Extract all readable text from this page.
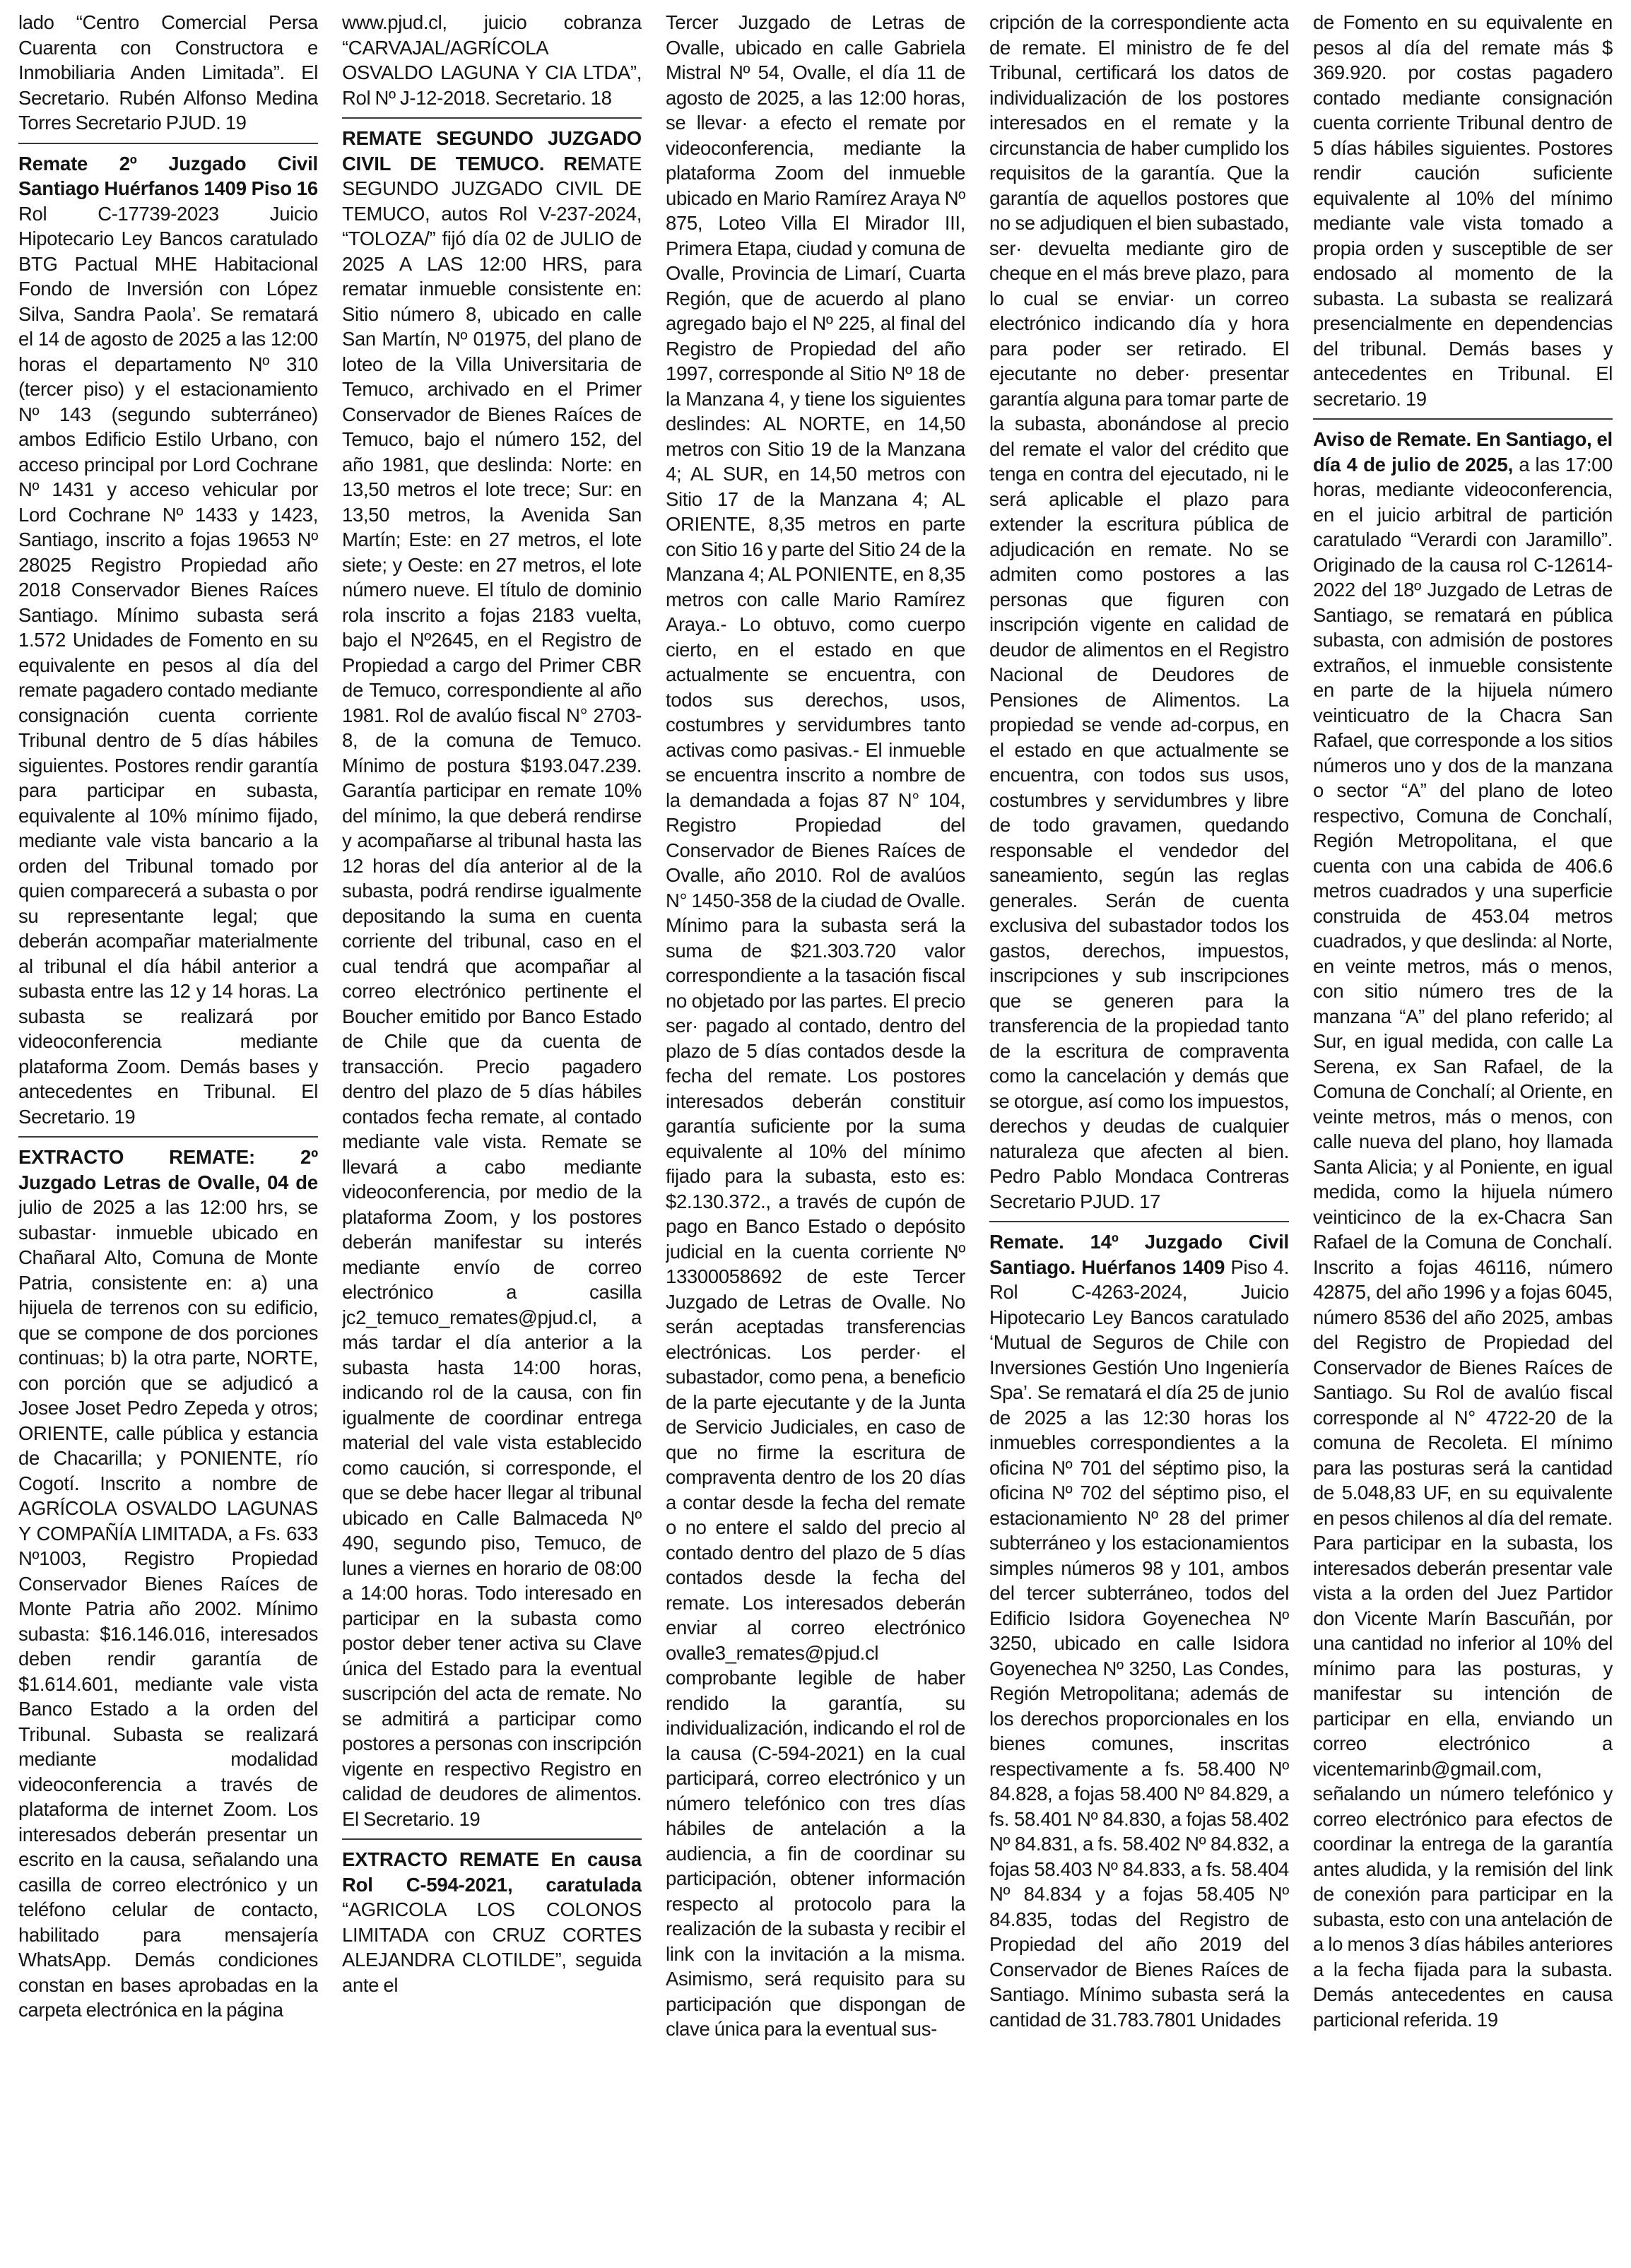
lado “Centro Comercial Persa Cuarenta con Constructora e Inmobiliaria Anden Limitada”. El Secretario. Rubén Alfonso Medina Torres Secretario PJUD. 19

Remate 2º Juzgado Civil Santiago Huérfanos 1409 Piso 16 Rol C-17739-2023 Juicio Hipotecario Ley Bancos caratulado BTG Pactual MHE Habitacional Fondo de Inversión con López Silva, Sandra Paola’. Se rematará el 14 de agosto de 2025 a las 12:00 horas el departamento Nº 310 (tercer piso) y el estacionamiento Nº 143 (segundo subterráneo) ambos Edificio Estilo Urbano, con acceso principal por Lord Cochrane Nº 1431 y acceso vehicular por Lord Cochrane Nº 1433 y 1423, Santiago, inscrito a fojas 19653 Nº 28025 Registro Propiedad año 2018 Conservador Bienes Raíces Santiago. Mínimo subasta será 1.572 Unidades de Fomento en su equivalente en pesos al día del remate pagadero contado mediante consignación cuenta corriente Tribunal dentro de 5 días hábiles siguientes. Postores rendir garantía para participar en subasta, equivalente al 10% mínimo fijado, mediante vale vista bancario a la orden del Tribunal tomado por quien comparecerá a subasta o por su representante legal; que deberán acompañar materialmente al tribunal el día hábil anterior a subasta entre las 12 y 14 horas. La subasta se realizará por videoconferencia mediante plataforma Zoom. Demás bases y antecedentes en Tribunal. El Secretario. 19

EXTRACTO REMATE: 2º Juzgado Letras de Ovalle, 04 de julio de 2025 a las 12:00 hrs, se subastar· inmueble ubicado en Chañaral Alto, Comuna de Monte Patria, consistente en: a) una hijuela de terrenos con su edificio, que se compone de dos porciones continuas; b) la otra parte, NORTE, con porción que se adjudicó a Josee Joset Pedro Zepeda y otros; ORIENTE, calle pública y estancia de Chacarilla; y PONIENTE, río Cogotí. Inscrito a nombre de AGRÍCOLA OSVALDO LAGUNAS Y COMPAÑÍA LIMITADA, a Fs. 633 Nº1003, Registro Propiedad Conservador Bienes Raíces de Monte Patria año 2002. Mínimo subasta: $16.146.016, interesados deben rendir garantía de $1.614.601, mediante vale vista Banco Estado a la orden del Tribunal. Subasta se realizará mediante modalidad videoconferencia a través de plataforma de internet Zoom. Los interesados deberán presentar un escrito en la causa, señalando una casilla de correo electrónico y un teléfono celular de contacto, habilitado para mensajería WhatsApp. Demás condiciones constan en bases aprobadas en la carpeta electrónica en la página

www.pjud.cl, juicio cobranza “CARVAJAL/AGRÍCOLA OSVALDO LAGUNA Y CIA LTDA”, Rol Nº J-12-2018. Secretario. 18

REMATE SEGUNDO JUZGADO CIVIL DE TEMUCO. REMATE SEGUNDO JUZGADO CIVIL DE TEMUCO, autos Rol V-237-2024, “TOLOZA/” fijó día 02 de JULIO de 2025 A LAS 12:00 HRS, para rematar inmueble consistente en: Sitio número 8, ubicado en calle San Martín, Nº 01975, del plano de loteo de la Villa Universitaria de Temuco, archivado en el Primer Conservador de Bienes Raíces de Temuco, bajo el número 152, del año 1981, que deslinda: Norte: en 13,50 metros el lote trece; Sur: en 13,50 metros, la Avenida San Martín; Este: en 27 metros, el lote siete; y Oeste: en 27 metros, el lote número nueve. El título de dominio rola inscrito a fojas 2183 vuelta, bajo el Nº2645, en el Registro de Propiedad a cargo del Primer CBR de Temuco, correspondiente al año 1981. Rol de avalúo fiscal N° 2703-8, de la comuna de Temuco. Mínimo de postura $193.047.239. Garantía participar en remate 10% del mínimo, la que deberá rendirse y acompañarse al tribunal hasta las 12 horas del día anterior al de la subasta, podrá rendirse igualmente depositando la suma en cuenta corriente del tribunal, caso en el cual tendrá que acompañar al correo electrónico pertinente el Boucher emitido por Banco Estado de Chile que da cuenta de transacción. Precio pagadero dentro del plazo de 5 días hábiles contados fecha remate, al contado mediante vale vista. Remate se llevará a cabo mediante videoconferencia, por medio de la plataforma Zoom, y los postores deberán manifestar su interés mediante envío de correo electrónico a casilla jc2_temuco_remates@pjud.cl, a más tardar el día anterior a la subasta hasta 14:00 horas, indicando rol de la causa, con fin igualmente de coordinar entrega material del vale vista establecido como caución, si corresponde, el que se debe hacer llegar al tribunal ubicado en Calle Balmaceda Nº 490, segundo piso, Temuco, de lunes a viernes en horario de 08:00 a 14:00 horas. Todo interesado en participar en la subasta como postor deber tener activa su Clave única del Estado para la eventual suscripción del acta de remate. No se admitirá a participar como postores a personas con inscripción vigente en respectivo Registro en calidad de deudores de alimentos. El Secretario. 19

EXTRACTO REMATE En causa Rol C-594-2021, caratulada “AGRICOLA LOS COLONOS LIMITADA con CRUZ CORTES ALEJANDRA CLOTILDE”, seguida ante el

Tercer Juzgado de Letras de Ovalle, ubicado en calle Gabriela Mistral Nº 54, Ovalle, el día 11 de agosto de 2025, a las 12:00 horas, se llevar· a efecto el remate por videoconferencia, mediante la plataforma Zoom del inmueble ubicado en Mario Ramírez Araya Nº 875, Loteo Villa El Mirador III, Primera Etapa, ciudad y comuna de Ovalle, Provincia de Limarí, Cuarta Región, que de acuerdo al plano agregado bajo el Nº 225, al final del Registro de Propiedad del año 1997, corresponde al Sitio Nº 18 de la Manzana 4, y tiene los siguientes deslindes: AL NORTE, en 14,50 metros con Sitio 19 de la Manzana 4; AL SUR, en 14,50 metros con Sitio 17 de la Manzana 4; AL ORIENTE, 8,35 metros en parte con Sitio 16 y parte del Sitio 24 de la Manzana 4; AL PONIENTE, en 8,35 metros con calle Mario Ramírez Araya.- Lo obtuvo, como cuerpo cierto, en el estado en que actualmente se encuentra, con todos sus derechos, usos, costumbres y servidumbres tanto activas como pasivas.- El inmueble se encuentra inscrito a nombre de la demandada a fojas 87 N° 104, Registro Propiedad del Conservador de Bienes Raíces de Ovalle, año 2010. Rol de avalúos N° 1450-358 de la ciudad de Ovalle. Mínimo para la subasta será la suma de $21.303.720 valor correspondiente a la tasación fiscal no objetado por las partes. El precio ser· pagado al contado, dentro del plazo de 5 días contados desde la fecha del remate. Los postores interesados deberán constituir garantía suficiente por la suma equivalente al 10% del mínimo fijado para la subasta, esto es: $2.130.372., a través de cupón de pago en Banco Estado o depósito judicial en la cuenta corriente Nº 13300058692 de este Tercer Juzgado de Letras de Ovalle. No serán aceptadas transferencias electrónicas. Los perder· el subastador, como pena, a beneficio de la parte ejecutante y de la Junta de Servicio Judiciales, en caso de que no firme la escritura de compraventa dentro de los 20 días a contar desde la fecha del remate o no entere el saldo del precio al contado dentro del plazo de 5 días contados desde la fecha del remate. Los interesados deberán enviar al correo electrónico ovalle3_remates@pjud.cl comprobante legible de haber rendido la garantía, su individualización, indicando el rol de la causa (C-594-2021) en la cual participará, correo electrónico y un número telefónico con tres días hábiles de antelación a la audiencia, a fin de coordinar su participación, obtener información respecto al protocolo para la realización de la subasta y recibir el link con la invitación a la misma. Asimismo, será requisito para su participación que dispongan de clave única para la eventual sus-

cripción de la correspondiente acta de remate. El ministro de fe del Tribunal, certificará los datos de individualización de los postores interesados en el remate y la circunstancia de haber cumplido los requisitos de la garantía. Que la garantía de aquellos postores que no se adjudiquen el bien subastado, ser· devuelta mediante giro de cheque en el más breve plazo, para lo cual se enviar· un correo electrónico indicando día y hora para poder ser retirado. El ejecutante no deber· presentar garantía alguna para tomar parte de la subasta, abonándose al precio del remate el valor del crédito que tenga en contra del ejecutado, ni le será aplicable el plazo para extender la escritura pública de adjudicación en remate. No se admiten como postores a las personas que figuren con inscripción vigente en calidad de deudor de alimentos en el Registro Nacional de Deudores de Pensiones de Alimentos. La propiedad se vende ad-corpus, en el estado en que actualmente se encuentra, con todos sus usos, costumbres y servidumbres y libre de todo gravamen, quedando responsable el vendedor del saneamiento, según las reglas generales. Serán de cuenta exclusiva del subastador todos los gastos, derechos, impuestos, inscripciones y sub inscripciones que se generen para la transferencia de la propiedad tanto de la escritura de compraventa como la cancelación y demás que se otorgue, así como los impuestos, derechos y deudas de cualquier naturaleza que afecten al bien. Pedro Pablo Mondaca Contreras Secretario PJUD. 17

Remate. 14º Juzgado Civil Santiago. Huérfanos 1409 Piso 4. Rol C-4263-2024, Juicio Hipotecario Ley Bancos caratulado ‘Mutual de Seguros de Chile con Inversiones Gestión Uno Ingeniería Spa’. Se rematará el día 25 de junio de 2025 a las 12:30 horas los inmuebles correspondientes a la oficina Nº 701 del séptimo piso, la oficina Nº 702 del séptimo piso, el estacionamiento Nº 28 del primer subterráneo y los estacionamientos simples números 98 y 101, ambos del tercer subterráneo, todos del Edificio Isidora Goyenechea Nº 3250, ubicado en calle Isidora Goyenechea Nº 3250, Las Condes, Región Metropolitana; además de los derechos proporcionales en los bienes comunes, inscritas respectivamente a fs. 58.400 Nº 84.828, a fojas 58.400 Nº 84.829, a fs. 58.401 Nº 84.830, a fojas 58.402 Nº 84.831, a fs. 58.402 Nº 84.832, a fojas 58.403 Nº 84.833, a fs. 58.404 Nº 84.834 y a fojas 58.405 Nº 84.835, todas del Registro de Propiedad del año 2019 del Conservador de Bienes Raíces de Santiago. Mínimo subasta será la cantidad de 31.783.7801 Unidades

de Fomento en su equivalente en pesos al día del remate más $ 369.920. por costas pagadero contado mediante consignación cuenta corriente Tribunal dentro de 5 días hábiles siguientes. Postores rendir caución suficiente equivalente al 10% del mínimo mediante vale vista tomado a propia orden y susceptible de ser endosado al momento de la subasta. La subasta se realizará presencialmente en dependencias del tribunal. Demás bases y antecedentes en Tribunal. El secretario. 19

Aviso de Remate. En Santiago, el día 4 de julio de 2025, a las 17:00 horas, mediante videoconferencia, en el juicio arbitral de partición caratulado “Verardi con Jaramillo”. Originado de la causa rol C-12614-2022 del 18º Juzgado de Letras de Santiago, se rematará en pública subasta, con admisión de postores extraños, el inmueble consistente en parte de la hijuela número veinticuatro de la Chacra San Rafael, que corresponde a los sitios números uno y dos de la manzana o sector “A” del plano de loteo respectivo, Comuna de Conchalí, Región Metropolitana, el que cuenta con una cabida de 406.6 metros cuadrados y una superficie construida de 453.04 metros cuadrados, y que deslinda: al Norte, en veinte metros, más o menos, con sitio número tres de la manzana “A” del plano referido; al Sur, en igual medida, con calle La Serena, ex San Rafael, de la Comuna de Conchalí; al Oriente, en veinte metros, más o menos, con calle nueva del plano, hoy llamada Santa Alicia; y al Poniente, en igual medida, como la hijuela número veinticinco de la ex-Chacra San Rafael de la Comuna de Conchalí. Inscrito a fojas 46116, número 42875, del año 1996 y a fojas 6045, número 8536 del año 2025, ambas del Registro de Propiedad del Conservador de Bienes Raíces de Santiago. Su Rol de avalúo fiscal corresponde al N° 4722-20 de la comuna de Recoleta. El mínimo para las posturas será la cantidad de 5.048,83 UF, en su equivalente en pesos chilenos al día del remate. Para participar en la subasta, los interesados deberán presentar vale vista a la orden del Juez Partidor don Vicente Marín Bascuñán, por una cantidad no inferior al 10% del mínimo para las posturas, y manifestar su intención de participar en ella, enviando un correo electrónico a vicentemarinb@gmail.com, señalando un número telefónico y correo electrónico para efectos de coordinar la entrega de la garantía antes aludida, y la remisión del link de conexión para participar en la subasta, esto con una antelación de a lo menos 3 días hábiles anteriores a la fecha fijada para la subasta. Demás antecedentes en causa particional referida. 19
